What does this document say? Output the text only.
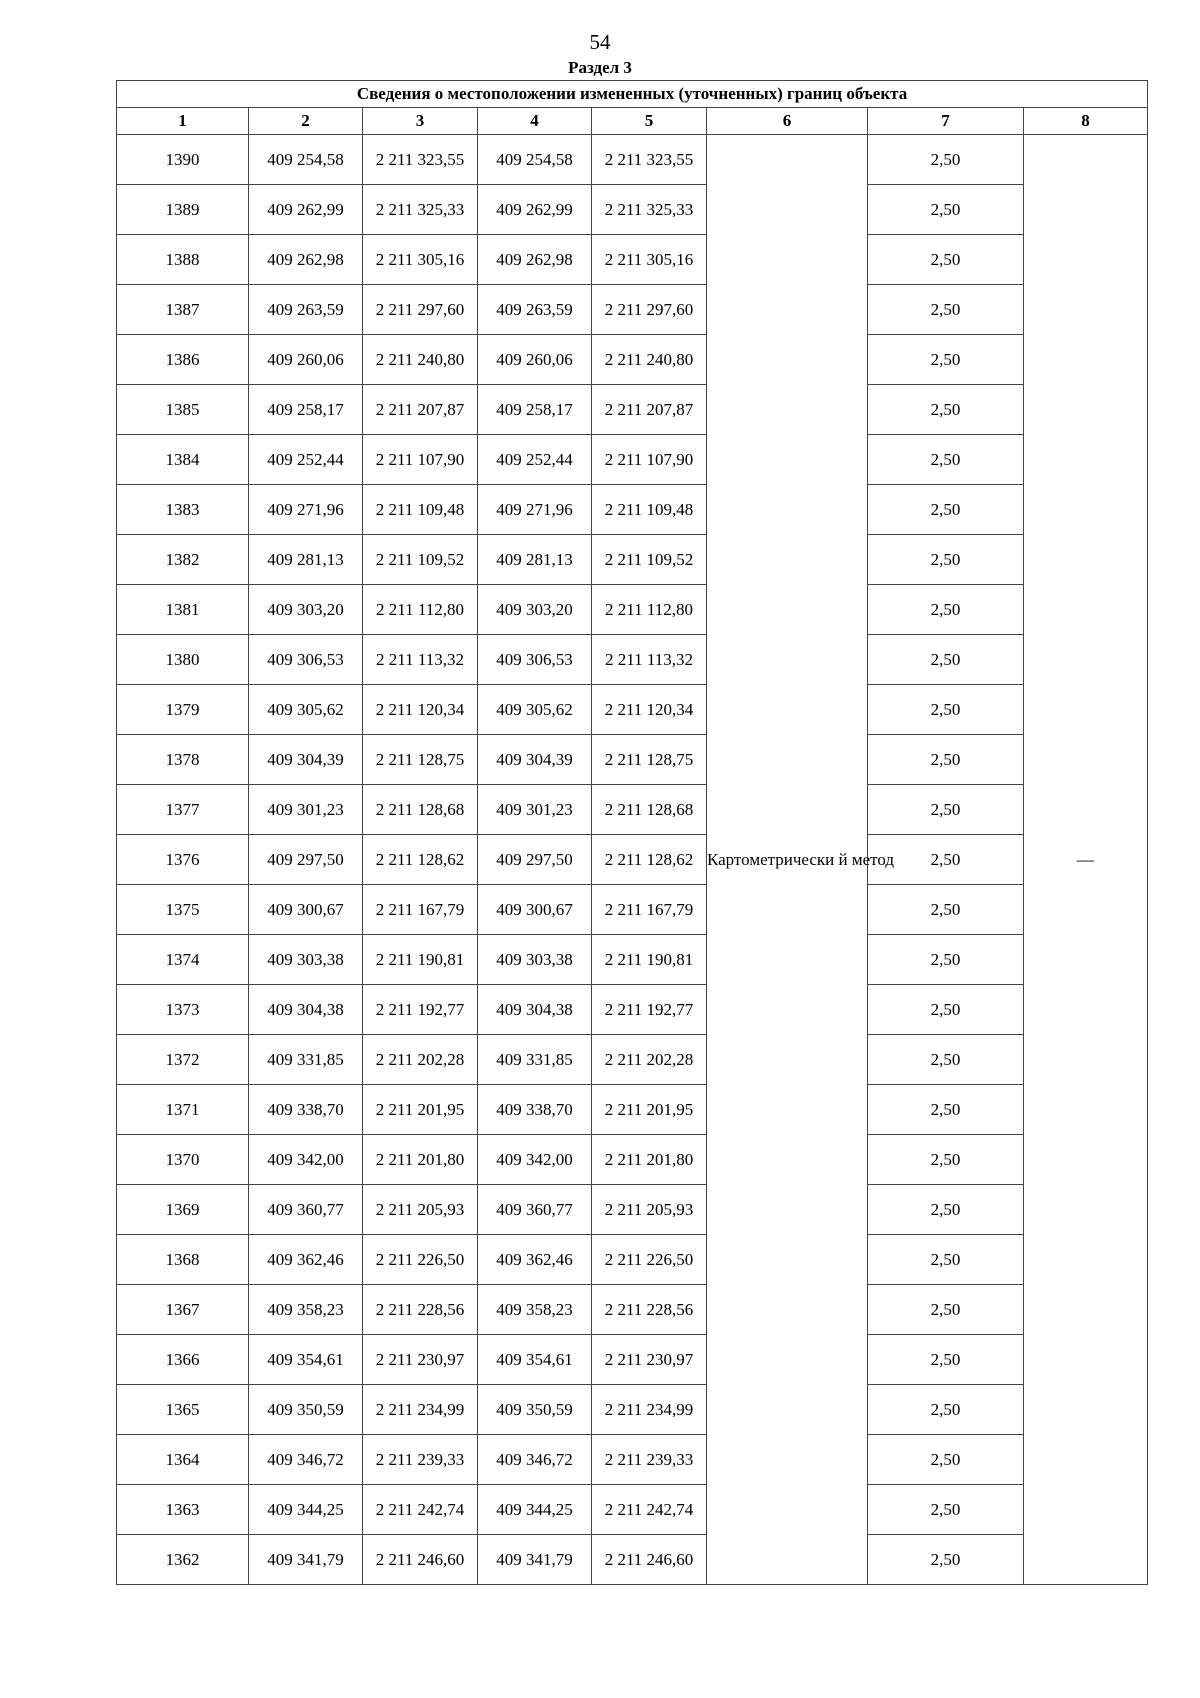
54
Раздел 3
Сведения о местоположении измененных (уточненных) границ объекта							
1	2	3	4	5	6	7	8
1390	409 254,58	2 211 323,55	409 254,58	2 211 323,55	Картометрически й метод	2,50	—
1389	409 262,99	2 211 325,33	409 262,99	2 211 325,33		2,50	
1388	409 262,98	2 211 305,16	409 262,98	2 211 305,16		2,50	
1387	409 263,59	2 211 297,60	409 263,59	2 211 297,60		2,50	
1386	409 260,06	2 211 240,80	409 260,06	2 211 240,80		2,50	
1385	409 258,17	2 211 207,87	409 258,17	2 211 207,87		2,50	
1384	409 252,44	2 211 107,90	409 252,44	2 211 107,90		2,50	
1383	409 271,96	2 211 109,48	409 271,96	2 211 109,48		2,50	
1382	409 281,13	2 211 109,52	409 281,13	2 211 109,52		2,50	
1381	409 303,20	2 211 112,80	409 303,20	2 211 112,80		2,50	
1380	409 306,53	2 211 113,32	409 306,53	2 211 113,32		2,50	
1379	409 305,62	2 211 120,34	409 305,62	2 211 120,34		2,50	
1378	409 304,39	2 211 128,75	409 304,39	2 211 128,75		2,50	
1377	409 301,23	2 211 128,68	409 301,23	2 211 128,68		2,50	
1376	409 297,50	2 211 128,62	409 297,50	2 211 128,62		2,50	
1375	409 300,67	2 211 167,79	409 300,67	2 211 167,79		2,50	
1374	409 303,38	2 211 190,81	409 303,38	2 211 190,81		2,50	
1373	409 304,38	2 211 192,77	409 304,38	2 211 192,77		2,50	
1372	409 331,85	2 211 202,28	409 331,85	2 211 202,28		2,50	
1371	409 338,70	2 211 201,95	409 338,70	2 211 201,95		2,50	
1370	409 342,00	2 211 201,80	409 342,00	2 211 201,80		2,50	
1369	409 360,77	2 211 205,93	409 360,77	2 211 205,93		2,50	
1368	409 362,46	2 211 226,50	409 362,46	2 211 226,50		2,50	
1367	409 358,23	2 211 228,56	409 358,23	2 211 228,56		2,50	
1366	409 354,61	2 211 230,97	409 354,61	2 211 230,97		2,50	
1365	409 350,59	2 211 234,99	409 350,59	2 211 234,99		2,50	
1364	409 346,72	2 211 239,33	409 346,72	2 211 239,33		2,50	
1363	409 344,25	2 211 242,74	409 344,25	2 211 242,74		2,50	
1362	409 341,79	2 211 246,60	409 341,79	2 211 246,60		2,50	
